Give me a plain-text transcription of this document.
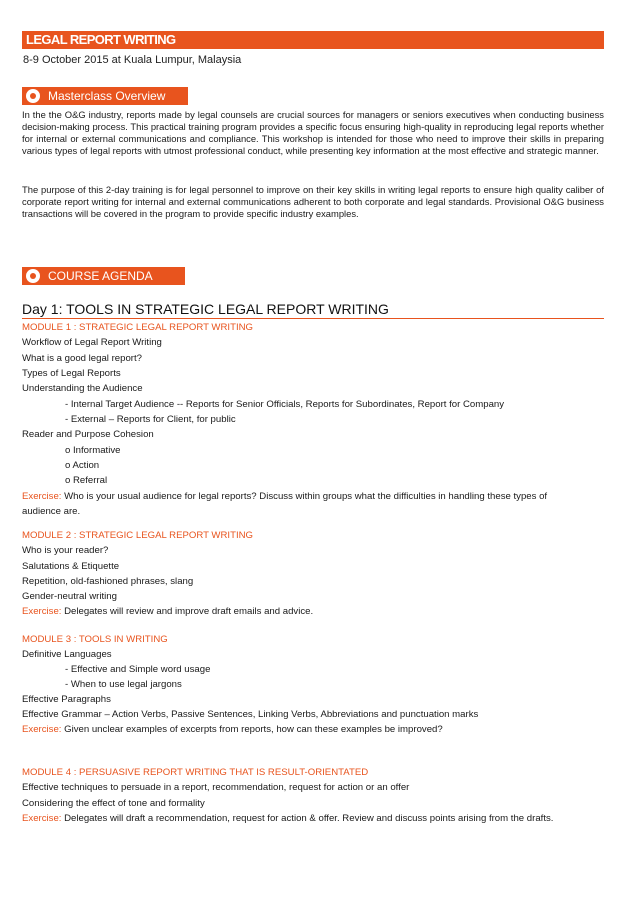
LEGAL REPORT WRITING
8-9 October 2015 at Kuala Lumpur, Malaysia
Masterclass Overview
In the the O&G industry, reports made by legal counsels are crucial sources for managers or seniors executives when conducting business decision-making process. This practical training program provides a specific focus ensuring high-quality in reproducing legal reports whether for internal or external communications and compliance. This workshop is intended for those who need to improve their skills in preparing various types of legal reports with utmost professional conduct, while presenting key information at the most effective and strategic manner.
The purpose of this 2-day training is for legal personnel to improve on their key skills in writing legal reports to ensure high quality caliber of corporate report writing for internal and external communications adherent to both corporate and legal standards. Provisional O&G business transactions will be covered in the program to provide specific industry examples.
COURSE AGENDA
Day 1: TOOLS IN STRATEGIC LEGAL REPORT WRITING
MODULE 1 : STRATEGIC LEGAL REPORT WRITING
Workflow of Legal Report Writing
What is a good legal report?
Types of Legal Reports
Understanding the Audience
- Internal Target Audience -- Reports for Senior Officials, Reports for Subordinates, Report for Company
- External – Reports for Client, for public
Reader and Purpose Cohesion
o Informative
o Action
o Referral
Exercise: Who is your usual audience for legal reports? Discuss within groups what the difficulties in handling these types of
audience are.
MODULE 2 : STRATEGIC LEGAL REPORT WRITING
Who is your reader?
Salutations & Etiquette
Repetition, old-fashioned phrases, slang
Gender-neutral writing
Exercise: Delegates will review and improve draft emails and advice.
MODULE 3 : TOOLS IN WRITING
Definitive Languages
- Effective and Simple word usage
- When to use legal jargons
Effective Paragraphs
Effective Grammar – Action Verbs, Passive Sentences, Linking Verbs, Abbreviations and punctuation marks
Exercise: Given unclear examples of excerpts from reports, how can these examples be improved?
MODULE 4 : PERSUASIVE REPORT WRITING THAT IS RESULT-ORIENTATED
Effective techniques to persuade in a report, recommendation, request for action or an offer
Considering the effect of tone and formality
Exercise: Delegates will draft a recommendation, request for action & offer. Review and discuss points arising from the drafts.
